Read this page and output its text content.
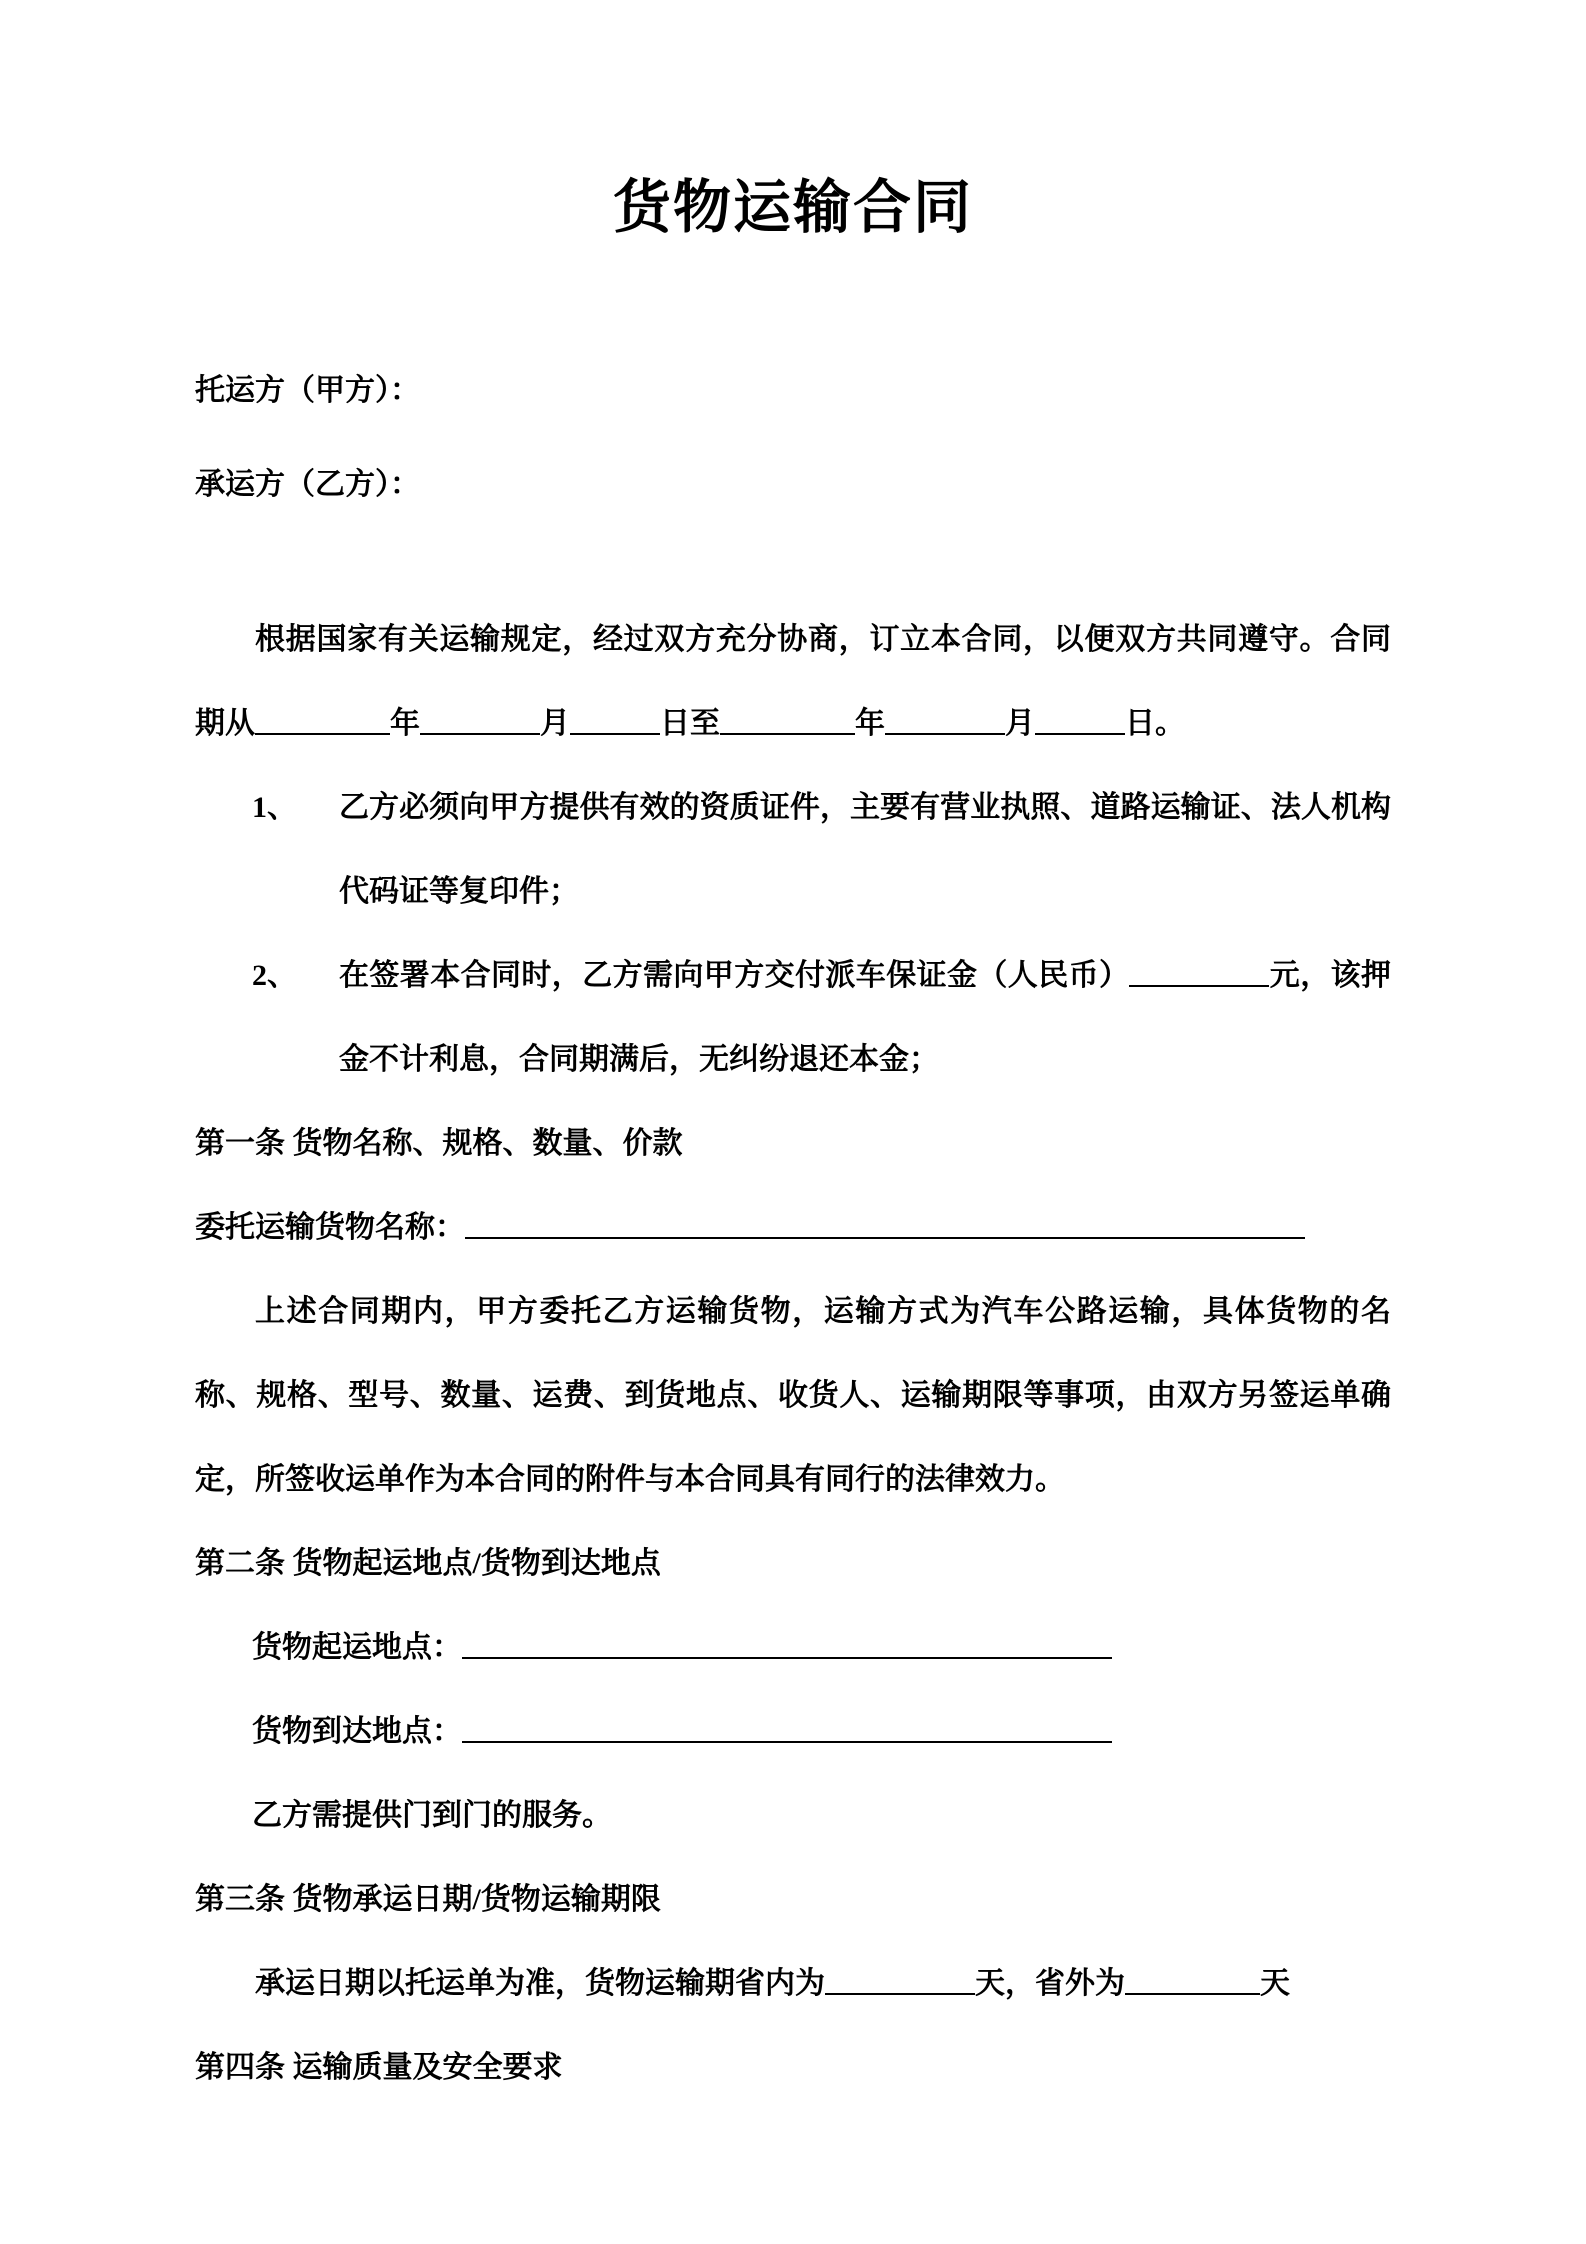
货物运输合同
托运方（甲方）：
承运方（乙方）：

根据国家有关运输规定，经过双方充分协商，订立本合同，以便双方共同遵守。合同期从	年	月	日至	年	月	日。

1、 乙方必须向甲方提供有效的资质证件，主要有营业执照、道路运输证、法人机构代码证等复印件；
2、 在签署本合同时，乙方需向甲方交付派车保证金（人民币）	元，该押金不计利息，合同期满后，无纠纷退还本金；
第一条 货物名称、规格、数量、价款
委托运输货物名称：

上述合同期内，甲方委托乙方运输货物，运输方式为汽车公路运输，具体货物的名称、规格、型号、数量、运费、到货地点、收货人、运输期限等事项，由双方另签运单确定，所签收运单作为本合同的附件与本合同具有同行的法律效力。

第二条 货物起运地点/货物到达地点
货物起运地点：
货物到达地点：
乙方需提供门到门的服务。
第三条 货物承运日期/货物运输期限

承运日期以托运单为准，货物运输期省内为	天，省外为	天

第四条 运输质量及安全要求
